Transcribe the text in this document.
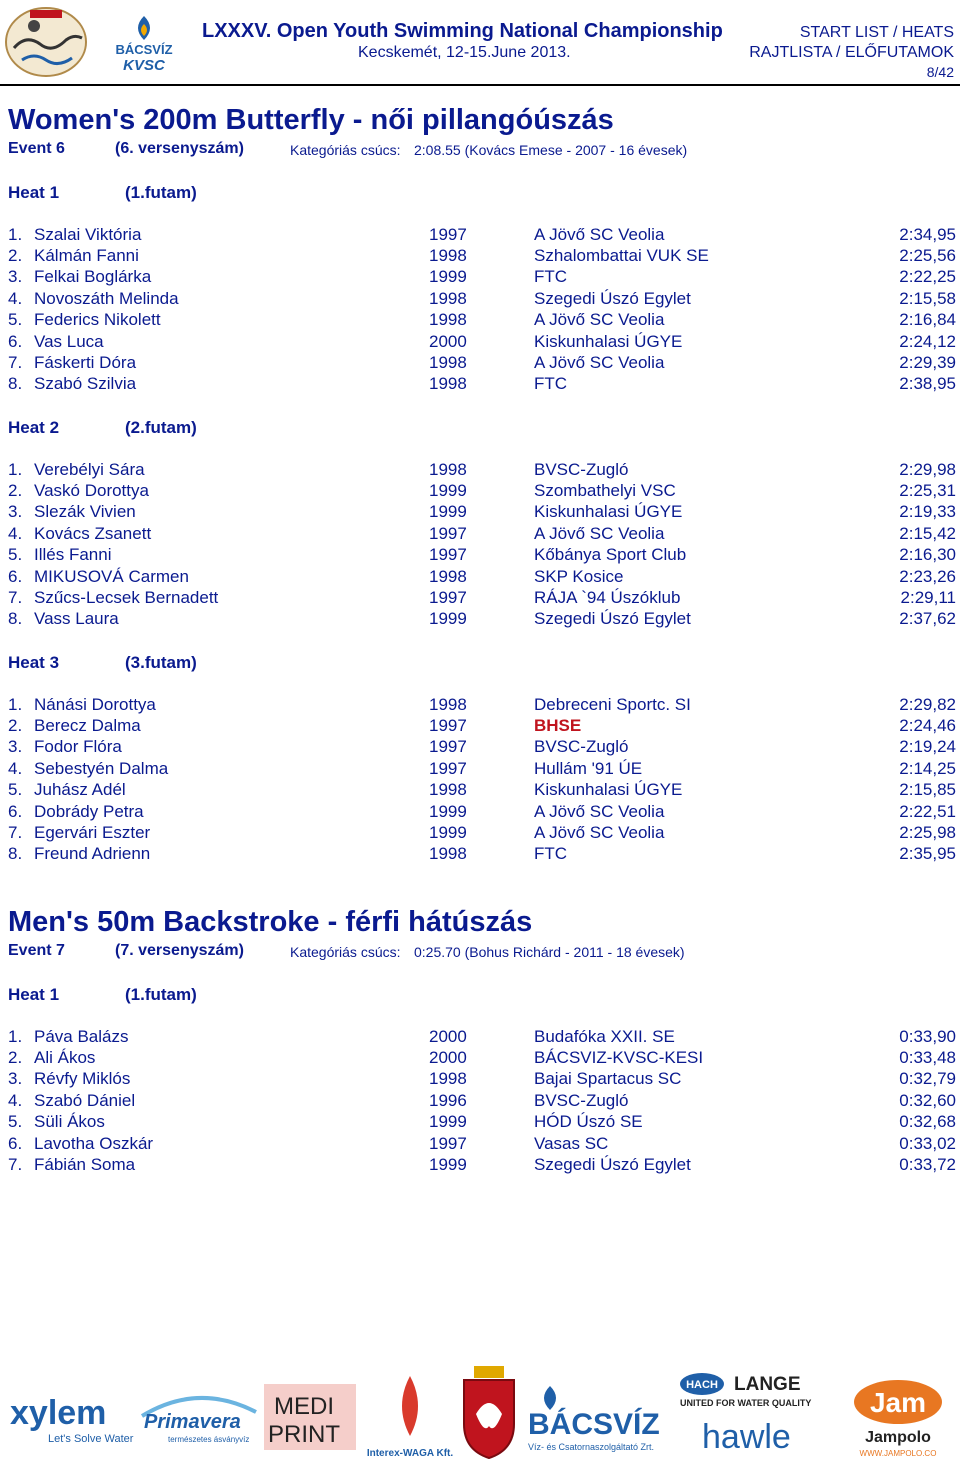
BÁCSVÍZ
KVSC
LXXXV. Open Youth Swimming National Championship
Kecskemét, 12-15.June 2013.
START LIST / HEATS
RAJTLISTA / ELŐFUTAMOK
8/42
Women's 200m Butterfly - női pillangóúszás
Event 6	(6. versenyszám)	Kategóriás csúcs: 2:08.55 (Kovács Emese - 2007 - 16 évesek)
Heat 1	(1.futam)
1. Szalai Viktória	1997	A Jövő SC Veolia	2:34,95
2. Kálmán Fanni	1998	Szhalombattai VUK SE	2:25,56
3. Felkai Boglárka	1999	FTC	2:22,25
4. Novoszáth Melinda	1998	Szegedi Úszó Egylet	2:15,58
5. Federics Nikolett	1998	A Jövő SC Veolia	2:16,84
6. Vas Luca	2000	Kiskunhalasi ÚGYE	2:24,12
7. Fáskerti Dóra	1998	A Jövő SC Veolia	2:29,39
8. Szabó Szilvia	1998	FTC	2:38,95
Heat 2	(2.futam)
1. Verebélyi Sára	1998	BVSC-Zugló	2:29,98
2. Vaskó Dorottya	1999	Szombathelyi VSC	2:25,31
3. Slezák Vivien	1999	Kiskunhalasi ÚGYE	2:19,33
4. Kovács Zsanett	1997	A Jövő SC Veolia	2:15,42
5. Illés Fanni	1997	Kőbánya Sport Club	2:16,30
6. MIKUSOVÁ Carmen	1998	SKP Kosice	2:23,26
7. Szűcs-Lecsek Bernadett	1997	RÁJA `94 Úszóklub	2:29,11
8. Vass Laura	1999	Szegedi Úszó Egylet	2:37,62
Heat 3	(3.futam)
1. Nánási Dorottya	1998	Debreceni Sportc. SI	2:29,82
2. Berecz Dalma	1997	BHSE	2:24,46
3. Fodor Flóra	1997	BVSC-Zugló	2:19,24
4. Sebestyén Dalma	1997	Hullám '91 ÚE	2:14,25
5. Juhász Adél	1998	Kiskunhalasi ÚGYE	2:15,85
6. Dobrády Petra	1999	A Jövő SC Veolia	2:22,51
7. Egervári Eszter	1999	A Jövő SC Veolia	2:25,98
8. Freund Adrienn	1998	FTC	2:35,95
Men's 50m Backstroke - férfi hátúszás
Event 7	(7. versenyszám)	Kategóriás csúcs: 0:25.70 (Bohus Richárd - 2011 - 18 évesek)
Heat 1	(1.futam)
1. Páva Balázs	2000	Budafóka XXII. SE	0:33,90
2. Ali Ákos	2000	BÁCSVIZ-KVSC-KESI	0:33,48
3. Révfy Miklós	1998	Bajai Spartacus SC	0:32,79
4. Szabó Dániel	1996	BVSC-Zugló	0:32,60
5. Süli Ákos	1999	HÓD Úszó SE	0:32,68
6. Lavotha Oszkár	1997	Vasas SC	0:33,02
7. Fábián Soma	1999	Szegedi Úszó Egylet	0:33,72
xylem
Let's Solve Water
Primavera
természetes ásványvíz
MEDI
PRINT
Interex-WAGA Kft.
BÁCSVÍZ
Víz- és Csatornaszolgáltató Zrt.
HACH LANGE
UNITED FOR WATER QUALITY
hawle
Jam
Jampolo
WWW.JAMPOLO.CO
